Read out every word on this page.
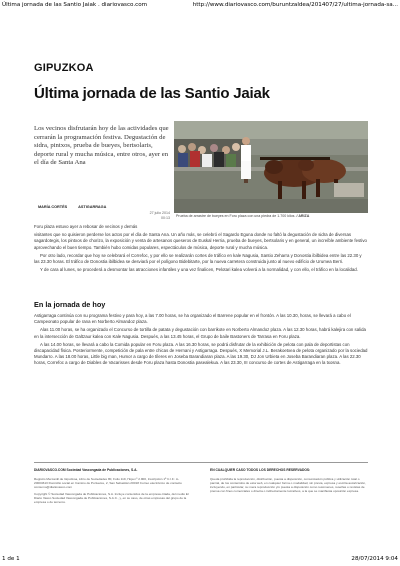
Última jornada de las Santio Jaiak . diariovasco.com	http://www.diariovasco.com/buruntzaldea/201407/27/ultima-jornada-sa...
GIPUZKOA
Última jornada de las Santio Jaiak
Los vecinos disfrutarán hoy de las actividades que cerrarán la programación festiva. Degustación de sidra, pintxos, prueba de bueyes, bertsolaris, deporte rural y mucha música, entre otros, ayer en el día de Santa Ana
Prueba de arrastre de bueyes en Foru plaza con una piedra de 1.700 kilos. / ARIZA
MARÍA CORTÉS	ASTIGARRAGA
27 julio 2014
00:13

Foru plaza estuvo ayer a rebosar de vecinos y demás

visitantes que no quisieron perderse los actos por el día de Santa Ana. Un año más, se celebró el Sagardo Eguna donde no faltó la degustación de sidra de diversas sagardotegis, los pintxos de chorizo, la exposición y venta de artesanos queseros de Euskal Herria, prueba de bueyes, bertsolaris y en general, un increíble ambiente festivo aprovechando el buen tiempo. También hubo comidas populares, espectáculos de música, deporte rural y mucha música.

Por otro lado, recordar que hoy se celebrará el Correfoc, y por ello se realizarán cortes de tráfico en kale Nagusia, Santio Zeharra y Donostia ibilbidea entre las 22.30 y las 23.30 horas. El tráfico de Donostia ibilbidea se desviará por el polígono Bidebitarte, por la nueva carretera construida junto al nuevo edificio de Urumea Berri.

Y de cara al lunes, se procederá a desmontar las atracciones infantiles y una vez finalicen, Pelotari kalea volverá a la normalidad, y con ello, el tráfico en la localidad.

En la jornada de hoy

Astigarraga continúa con su programa festivo y para hoy, a las 7.00 horas, se ha organizado el Barrene popular en el frontón. A las 10.30, horas, se llevará a cabo el Campeonato popular de rana en Norberto Almandoz plaza.

Alas 11.00 horas, se ha organizado el Concurso de tortilla de patata y degustación con barrikote en Norberto Almandoz plaza. A las 12.30 horas, habrá kalejira con salida en la intersección de Galtzaur kalea con Kale Nagusia. Después, a las 13.45 horas, el Grupo de baile Bastoners de Tarrasa en Foru plaza.

A las 14.00 horas, se llevará a cabo la Comida popular en Foru plaza. A las 16.30 horas, se podrá disfrutar de la exhibición de pelota con pala de deportistas con discapacidad física. Posteriormente, competición de pala entre chicas de Hernani y Astigarraga. Después, X Memorial J.L. Berakoetxea de pelota organizado por la sociedad Mundarro. A las 18.00 horas, Little big man, Humor a cargo de tíleres en Joseba Barandiaran plaza. A las 19.30, DJ Jon Urbieta en Joseba Barandiaran plaza. A las 22.30 horas, Correfoc a cargo de Diables de Vacarisses desde Foru plaza hasta Donostia pasealekua. A las 23.30, III concurso de cortes de Astigarraga en la txosna.

DIARIOVASCO.COM Sociedad Vascongada de Publicaciones, S.A.
Registro Mercantil de Gipuzkoa, Libro de Sociedades 80, Folio 119, Hoja nº 2.900, Inscripción 1ª C.I.F.: A-20004613 Domicilio social en Camino de Portuetxe, 2, San Sebastián 20018 Correo electrónico de contacto consumo@diariovasco.com
Copyright © Sociedad Vascongada de Publicaciones, S.A. Incluye contenidos de la empresa citada, del medio El Diario Vasco Sociedad Vascongada de Publicaciones, S.A.C., y, en su caso, de otras empresas del grupo de la empresa o de terceros.
EN CUALQUIER CASO TODOS LOS DERECHOS RESERVADOS:
Queda prohibida la reproducción, distribución, puesta a disposición, comunicación pública y utilización total o parcial, de los contenidos de esta web, en cualquier forma o modalidad, sin previa, expresa y escrita autorización, incluyendo, en particular, su mera reproducción y/o puesta a disposición como resúmenes, reseñas o revistas de prensa con fines comerciales o directa o indirectamente lucrativos, a la que se manifiesta oposición expresa.
1 de 1	28/07/2014 9:04
